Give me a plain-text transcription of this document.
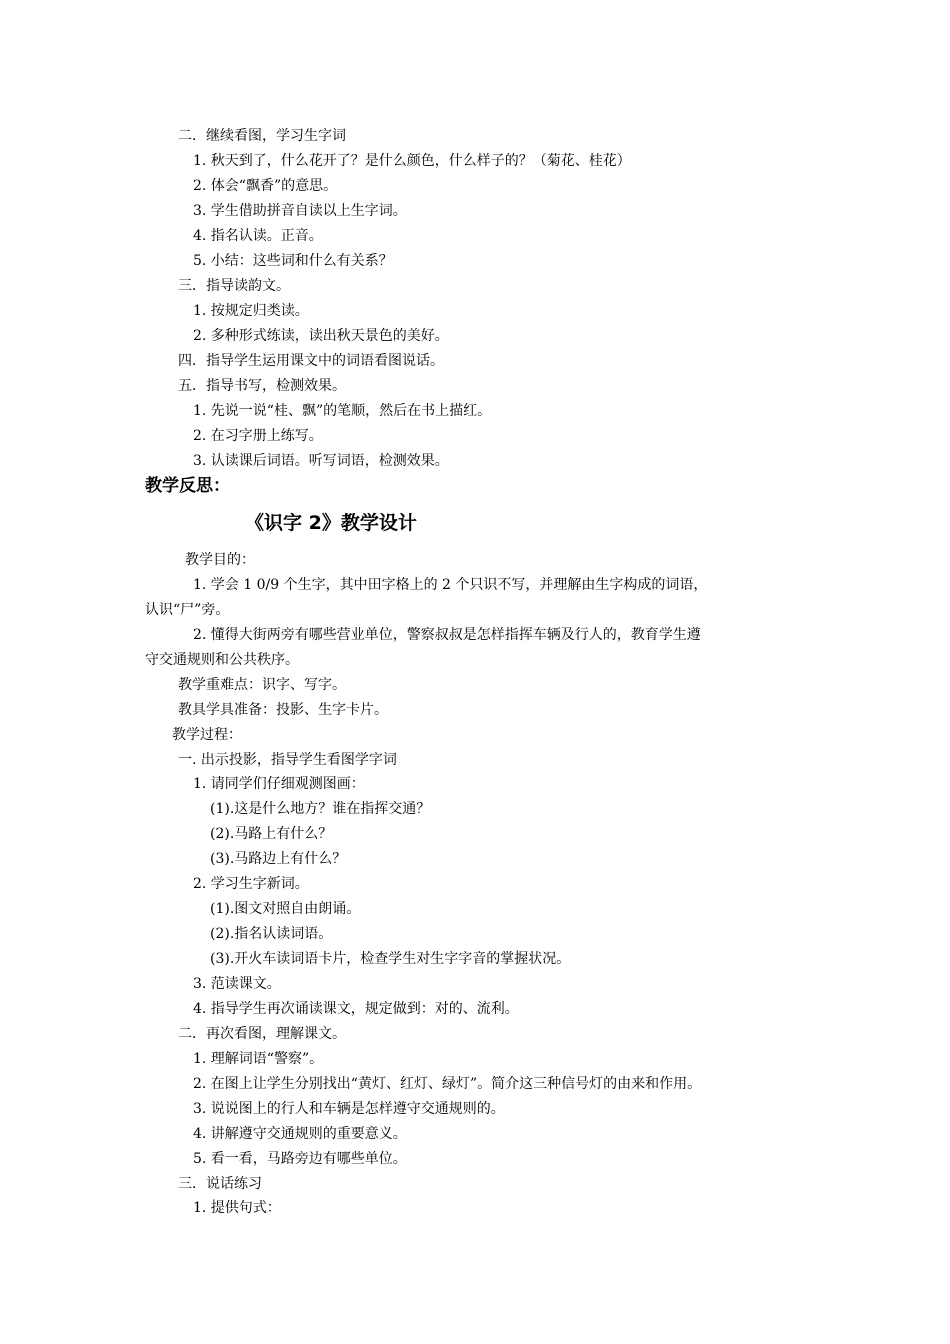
二．继续看图，学习生字词
1. 秋天到了，什么花开了？是什么颜色，什么样子的？（菊花、桂花）
2. 体会“飘香”的意思。
3. 学生借助拼音自读以上生字词。
4. 指名认读。正音。
5. 小结：这些词和什么有关系？
三．指导读韵文。
1. 按规定归类读。
2. 多种形式练读，读出秋天景色的美好。
四．指导学生运用课文中的词语看图说话。
五．指导书写，检测效果。
1. 先说一说“桂、飘”的笔顺，然后在书上描红。
2. 在习字册上练写。
3. 认读课后词语。听写词语，检测效果。
教学反思：
《识字 2》教学设计
教学目的：
1. 学会 1 0/9 个生字，其中田字格上的 2 个只识不写，并理解由生字构成的词语，
认识“尸”旁。
2. 懂得大街两旁有哪些营业单位，警察叔叔是怎样指挥车辆及行人的，教育学生遵
守交通规则和公共秩序。
教学重难点：识字、写字。
教具学具准备：投影、生字卡片。
教学过程：
一. 出示投影，指导学生看图学字词
1. 请同学们仔细观测图画：
(1).这是什么地方？谁在指挥交通？
(2).马路上有什么？
(3).马路边上有什么？
2. 学习生字新词。
(1).图文对照自由朗诵。
(2).指名认读词语。
(3).开火车读词语卡片，检查学生对生字字音的掌握状况。
3. 范读课文。
4. 指导学生再次诵读课文，规定做到：对的、流利。
二．再次看图，理解课文。
1. 理解词语“警察”。
2. 在图上让学生分别找出“黄灯、红灯、绿灯”。简介这三种信号灯的由来和作用。
3. 说说图上的行人和车辆是怎样遵守交通规则的。
4. 讲解遵守交通规则的重要意义。
5. 看一看，马路旁边有哪些单位。
三．说话练习
1. 提供句式：
